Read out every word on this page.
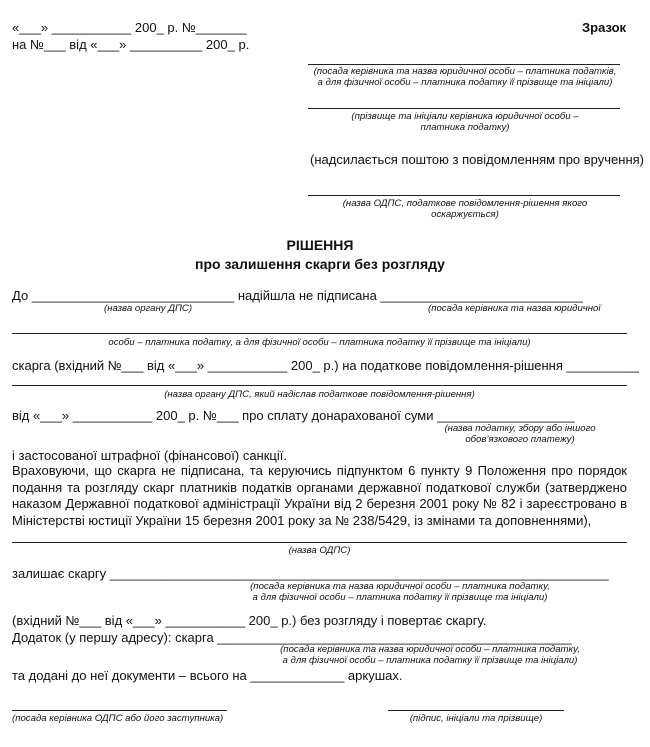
«___» ___________ 200_ р. №_______
на №___ від «___» __________ 200_ р.
Зразок
(посада керівника та назва юридичної особи – платника податків,
а для фізичної особи – платника податку її прізвище та ініціали)
(прізвище та ініціали керівника юридичної особи –
платника податку)
(надсилається поштою з повідомленням про вручення)
(назва ОДПС, податкове повідомлення-рішення якого
оскаржується)
РІШЕННЯ
про залишення скарги без розгляду
До ____________________________ надійшла не підписана ____________________________
(назва органу ДПС)	(посада керівника та назва юридичної
особи – платника податку, а для фізичної особи – платника податку її прізвище та ініціали)
скарга (вхідний №___ від «___» ___________ 200_ р.) на податкове повідомлення-рішення __________
(назва органу ДПС, який надіслав податкове повідомлення-рішення)
від «___» ___________ 200_ р. №___ про сплату донарахованої суми ___________________
(назва податку, збору або іншого
обов’язкового платежу)
і застосованої штрафної (фінансової) санкції.
Враховуючи, що скарга не підписана, та керуючись підпунктом 6 пункту 9 Положення про порядок подання та розгляду скарг платників податків органами державної податкової служби (затверджено наказом Державної податкової адміністрації України від 2 березня 2001 року № 82 і зареєстровано в Міністерстві юстиції України 15 березня 2001 року за № 238/5429, із змінами та доповненнями),
(назва ОДПС)
залишає скаргу _____________________________________________________________________
(посада керівника та назва юридичної особи – платника податку,
а для фізичної особи – платника податку її прізвище та ініціали)
(вхідний №___ від «___» ___________ 200_ р.) без розгляду і повертає скаргу.
Додаток (у першу адресу): скарга _________________________________________________
(посада керівника та назва юридичної особи – платника податку,
а для фізичної особи – платника податку її прізвище та ініціали)
та додані до неї документи – всього на _____________ аркушах.
(посада керівника ОДПС або його заступника)	(підпис, ініціали та прізвище)
